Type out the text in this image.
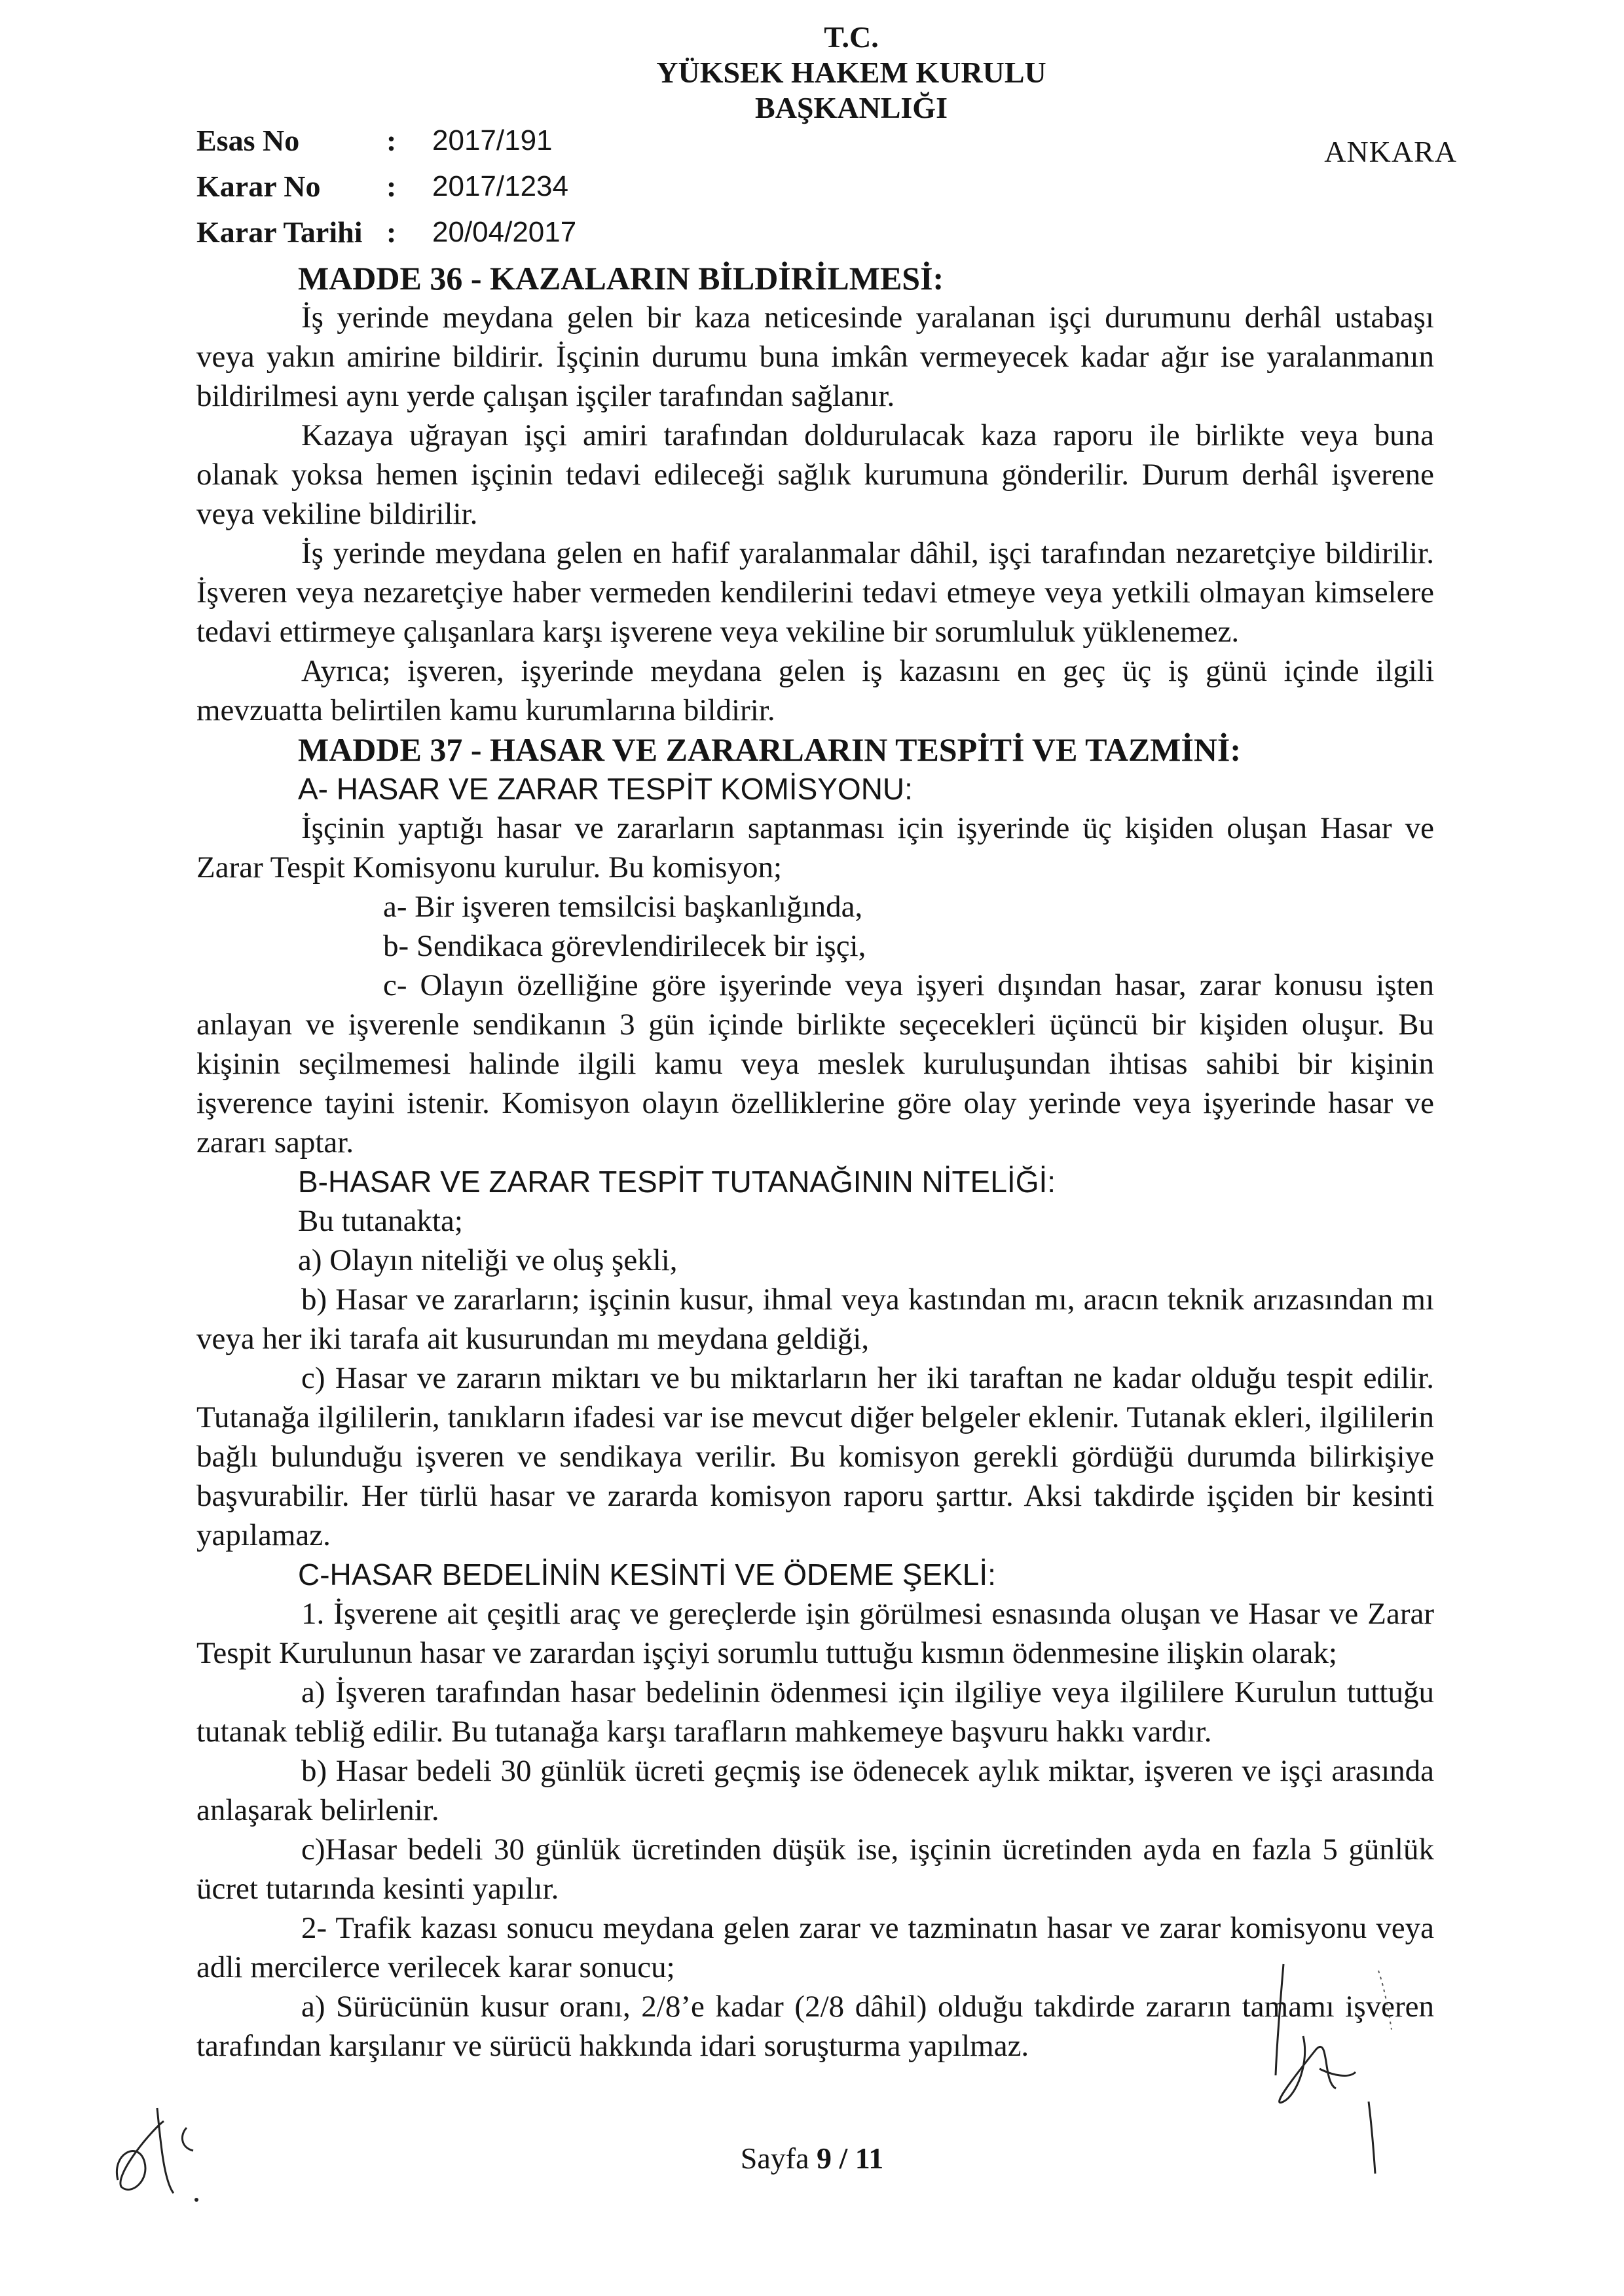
T.C.
YÜKSEK HAKEM KURULU
BAŞKANLIĞI
ANKARA
Esas No	:	2017/191
Karar No	:	2017/1234
Karar Tarihi :	20/04/2017

MADDE 36 - KAZALARIN BİLDİRİLMESİ:

İş yerinde meydana gelen bir kaza neticesinde yaralanan işçi durumunu derhâl ustabaşı veya yakın amirine bildirir. İşçinin durumu buna imkân vermeyecek kadar ağır ise yaralanmanın bildirilmesi aynı yerde çalışan işçiler tarafından sağlanır.

Kazaya uğrayan işçi amiri tarafından doldurulacak kaza raporu ile birlikte veya buna olanak yoksa hemen işçinin tedavi edileceği sağlık kurumuna gönderilir. Durum derhâl işverene veya vekiline bildirilir.

İş yerinde meydana gelen en hafif yaralanmalar dâhil, işçi tarafından nezaretçiye bildirilir. İşveren veya nezaretçiye haber vermeden kendilerini tedavi etmeye veya yetkili olmayan kimselere tedavi ettirmeye çalışanlara karşı işverene veya vekiline bir sorumluluk yüklenemez.

Ayrıca; işveren, işyerinde meydana gelen iş kazasını en geç üç iş günü içinde ilgili mevzuatta belirtilen kamu kurumlarına bildirir.

MADDE 37 - HASAR VE ZARARLARIN TESPİTİ VE TAZMİNİ:

A- HASAR VE ZARAR TESPİT KOMİSYONU:

İşçinin yaptığı hasar ve zararların saptanması için işyerinde üç kişiden oluşan Hasar ve Zarar Tespit Komisyonu kurulur. Bu komisyon;

a- Bir işveren temsilcisi başkanlığında,

b- Sendikaca görevlendirilecek bir işçi,

c- Olayın özelliğine göre işyerinde veya işyeri dışından hasar, zarar konusu işten anlayan ve işverenle sendikanın 3 gün içinde birlikte seçecekleri üçüncü bir kişiden oluşur. Bu kişinin seçilmemesi halinde ilgili kamu veya meslek kuruluşundan ihtisas sahibi bir kişinin işverence tayini istenir. Komisyon olayın özelliklerine göre olay yerinde veya işyerinde hasar ve zararı saptar.

B-HASAR VE ZARAR TESPİT TUTANAĞININ NİTELİĞİ:

Bu tutanakta;

a) Olayın niteliği ve oluş şekli,

b) Hasar ve zararların; işçinin kusur, ihmal veya kastından mı, aracın teknik arızasından mı veya her iki tarafa ait kusurundan mı meydana geldiği,

c) Hasar ve zararın miktarı ve bu miktarların her iki taraftan ne kadar olduğu tespit edilir. Tutanağa ilgililerin, tanıkların ifadesi var ise mevcut diğer belgeler eklenir. Tutanak ekleri, ilgililerin bağlı bulunduğu işveren ve sendikaya verilir. Bu komisyon gerekli gördüğü durumda bilirkişiye başvurabilir. Her türlü hasar ve zararda komisyon raporu şarttır. Aksi takdirde işçiden bir kesinti yapılamaz.

C-HASAR BEDELİNİN KESİNTİ VE ÖDEME ŞEKLİ:

1. İşverene ait çeşitli araç ve gereçlerde işin görülmesi esnasında oluşan ve Hasar ve Zarar Tespit Kurulunun hasar ve zarardan işçiyi sorumlu tuttuğu kısmın ödenmesine ilişkin olarak;

a) İşveren tarafından hasar bedelinin ödenmesi için ilgiliye veya ilgililere Kurulun tuttuğu tutanak tebliğ edilir. Bu tutanağa karşı tarafların mahkemeye başvuru hakkı vardır.

b) Hasar bedeli 30 günlük ücreti geçmiş ise ödenecek aylık miktar, işveren ve işçi arasında anlaşarak belirlenir.

c)Hasar bedeli 30 günlük ücretinden düşük ise, işçinin ücretinden ayda en fazla 5 günlük ücret tutarında kesinti yapılır.

2- Trafik kazası sonucu meydana gelen zarar ve tazminatın hasar ve zarar komisyonu veya adli mercilerce verilecek karar sonucu;

a) Sürücünün kusur oranı, 2/8’e kadar (2/8 dâhil) olduğu takdirde zararın tamamı işveren tarafından karşılanır ve sürücü hakkında idari soruşturma yapılmaz.

Sayfa 9 / 11
